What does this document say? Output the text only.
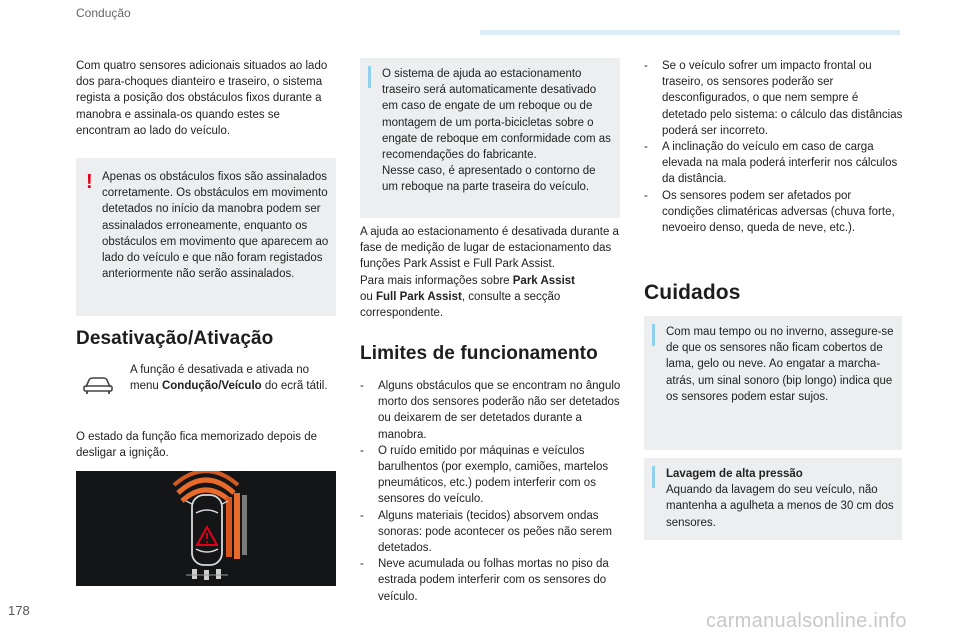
Condução
Com quatro sensores adicionais situados ao lado dos para-choques dianteiro e traseiro, o sistema regista a posição dos obstáculos fixos durante a manobra e assinala-os quando estes se encontram ao lado do veículo.
! Apenas os obstáculos fixos são assinalados corretamente. Os obstáculos em movimento detetados no início da manobra podem ser assinalados erroneamente, enquanto os obstáculos em movimento que aparecem ao lado do veículo e que não foram registados anteriormente não serão assinalados.
Desativação/Ativação
A função é desativada e ativada no menu Condução/Veículo do ecrã tátil.
O estado da função fica memorizado depois de desligar a ignição.
O sistema de ajuda ao estacionamento traseiro será automaticamente desativado em caso de engate de um reboque ou de montagem de um porta-bicicletas sobre o engate de reboque em conformidade com as recomendações do fabricante.
Nesse caso, é apresentado o contorno de um reboque na parte traseira do veículo.
A ajuda ao estacionamento é desativada durante a fase de medição de lugar de estacionamento das funções Park Assist e Full Park Assist.
Para mais informações sobre Park Assist
ou Full Park Assist, consulte a secção correspondente.
Limites de funcionamento
- Alguns obstáculos que se encontram no ângulo morto dos sensores poderão não ser detetados ou deixarem de ser detetados durante a manobra.
- O ruído emitido por máquinas e veículos barulhentos (por exemplo, camiões, martelos pneumáticos, etc.) podem interferir com os sensores do veículo.
- Alguns materiais (tecidos) absorvem ondas sonoras: pode acontecer os peões não serem detetados.
- Neve acumulada ou folhas mortas no piso da estrada podem interferir com os sensores do veículo.
- Se o veículo sofrer um impacto frontal ou traseiro, os sensores poderão ser desconfigurados, o que nem sempre é detetado pelo sistema: o cálculo das distâncias poderá ser incorreto.
- A inclinação do veículo em caso de carga elevada na mala poderá interferir nos cálculos da distância.
- Os sensores podem ser afetados por condições climatéricas adversas (chuva forte, nevoeiro denso, queda de neve, etc.).
Cuidados
Com mau tempo ou no inverno, assegure-se de que os sensores não ficam cobertos de lama, gelo ou neve. Ao engatar a marcha-atrás, um sinal sonoro (bip longo) indica que os sensores podem estar sujos.
Lavagem de alta pressão
Aquando da lavagem do seu veículo, não mantenha a agulheta a menos de 30 cm dos sensores.
178	carmanualsonline.info
